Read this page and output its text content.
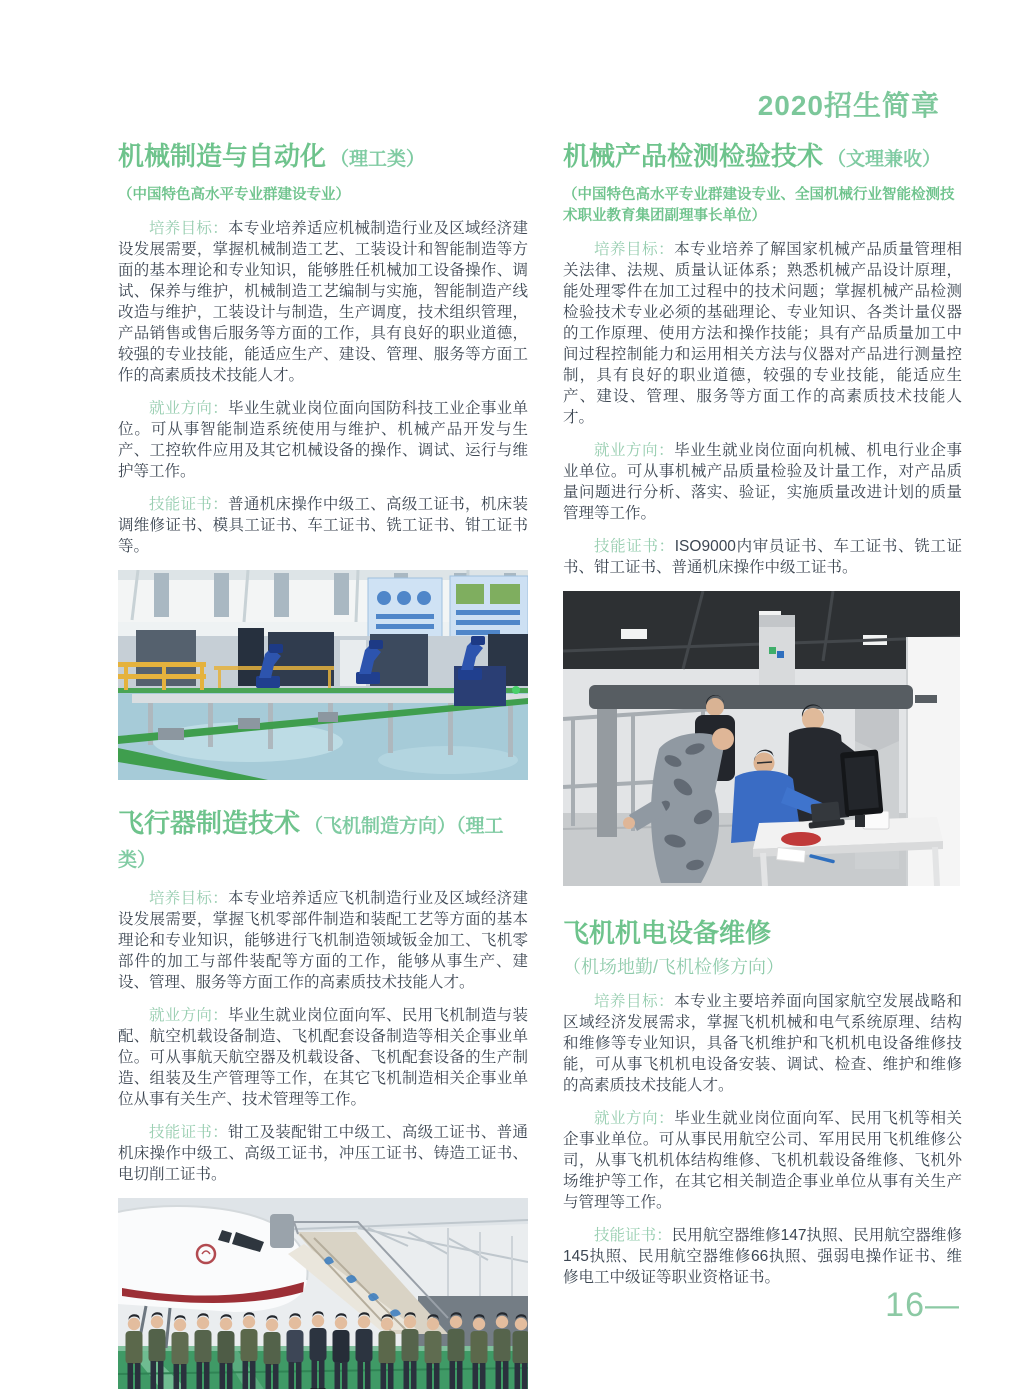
2020招生简章
机械制造与自动化 （理工类）
（中国特色高水平专业群建设专业）

培养目标：本专业培养适应机械制造行业及区域经济建设发展需要，掌握机械制造工艺、工装设计和智能制造等方面的基本理论和专业知识，能够胜任机械加工设备操作、调试、保养与维护，机械制造工艺编制与实施，智能制造产线改造与维护，工装设计与制造，生产调度，技术组织管理，产品销售或售后服务等方面的工作，具有良好的职业道德，较强的专业技能，能适应生产、建设、管理、服务等方面工作的高素质技术技能人才。

就业方向：毕业生就业岗位面向国防科技工业企事业单位。可从事智能制造系统使用与维护、机械产品开发与生产、工控软件应用及其它机械设备的操作、调试、运行与维护等工作。

技能证书：普通机床操作中级工、高级工证书，机床装调维修证书、模具工证书、车工证书、铣工证书、钳工证书等。

飞行器制造技术 （飞机制造方向）（理工类）

培养目标：本专业培养适应飞机制造行业及区域经济建设发展需要，掌握飞机零部件制造和装配工艺等方面的基本理论和专业知识，能够进行飞机制造领域钣金加工、飞机零部件的加工与部件装配等方面的工作，能够从事生产、建设、管理、服务等方面工作的高素质技术技能人才。

就业方向：毕业生就业岗位面向军、民用飞机制造与装配、航空机载设备制造、飞机配套设备制造等相关企事业单位。可从事航天航空器及机载设备、飞机配套设备的生产制造、组装及生产管理等工作，在其它飞机制造相关企事业单位从事有关生产、技术管理等工作。

技能证书：钳工及装配钳工中级工、高级工证书、普通机床操作中级工、高级工证书，冲压工证书、铸造工证书、电切削工证书。

机械产品检测检验技术 （文理兼收）
（中国特色高水平专业群建设专业、全国机械行业智能检测技术职业教育集团副理事长单位）

培养目标：本专业培养了解国家机械产品质量管理相关法律、法规、质量认证体系；熟悉机械产品设计原理，能处理零件在加工过程中的技术问题；掌握机械产品检测检验技术专业必须的基础理论、专业知识、各类计量仪器的工作原理、使用方法和操作技能；具有产品质量加工中间过程控制能力和运用相关方法与仪器对产品进行测量控制，具有良好的职业道德，较强的专业技能，能适应生产、建设、管理、服务等方面工作的高素质技术技能人才。

就业方向：毕业生就业岗位面向机械、机电行业企事业单位。可从事机械产品质量检验及计量工作，对产品质量问题进行分析、落实、验证，实施质量改进计划的质量管理等工作。

技能证书：ISO9000内审员证书、车工证书、铣工证书、钳工证书、普通机床操作中级工证书。

飞机机电设备维修
（机场地勤/飞机检修方向）

培养目标：本专业主要培养面向国家航空发展战略和区域经济发展需求，掌握飞机机械和电气系统原理、结构和维修等专业知识，具备飞机维护和飞机机电设备维修技能，可从事飞机机电设备安装、调试、检查、维护和维修的高素质技术技能人才。

就业方向：毕业生就业岗位面向军、民用飞机等相关企事业单位。可从事民用航空公司、军用民用飞机维修公司，从事飞机机体结构维修、飞机机载设备维修、飞机外场维护等工作，在其它相关制造企事业单位从事有关生产与管理等工作。

技能证书：民用航空器维修147执照、民用航空器维修145执照、民用航空器维修66执照、强弱电操作证书、维修电工中级证等职业资格证书。

16—
